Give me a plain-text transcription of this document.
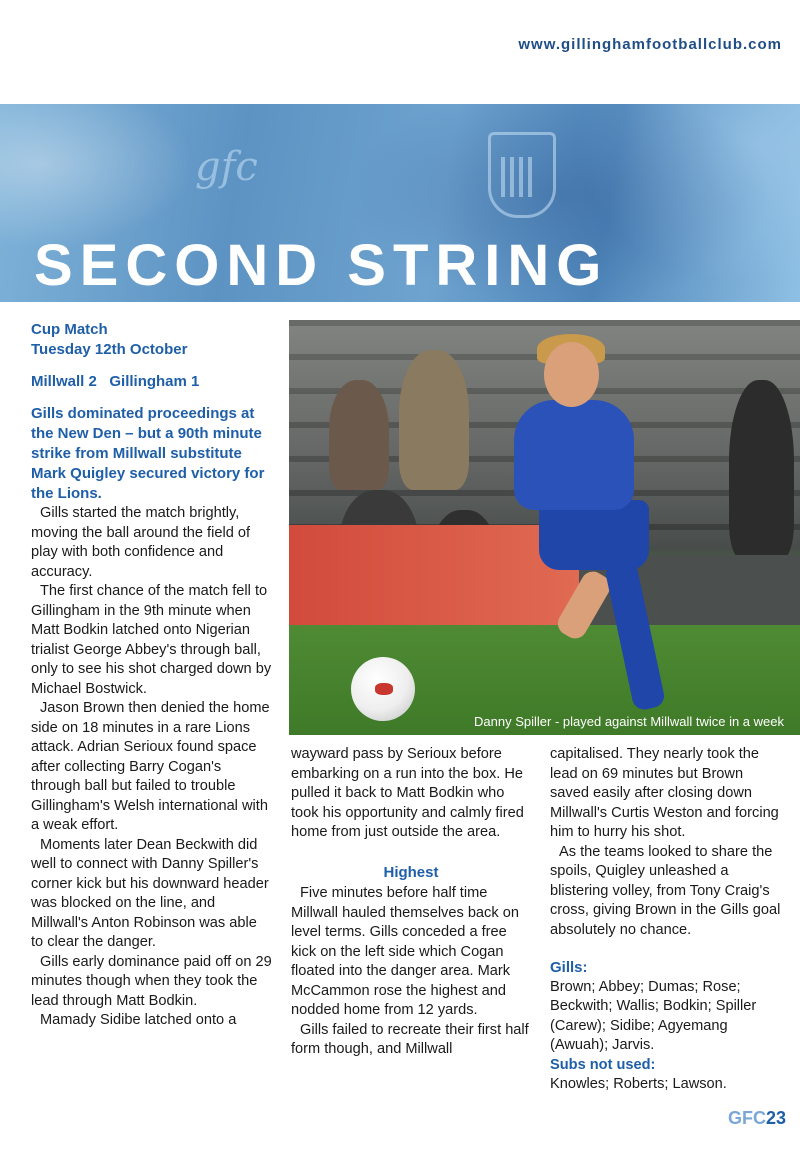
www.gillinghamfootballclub.com
gfc
SECOND STRING
Cup Match
Tuesday 12th October
Millwall 2   Gillingham 1

Gills dominated proceedings at the New Den – but a 90th minute strike from Millwall substitute Mark Quigley secured victory for the Lions.

Gills started the match brightly, moving the ball around the field of play with both confidence and accuracy.

The first chance of the match fell to Gillingham in the 9th minute when Matt Bodkin latched onto Nigerian trialist George Abbey's through ball, only to see his shot charged down by Michael Bostwick.

Jason Brown then denied the home side on 18 minutes in a rare Lions attack. Adrian Serioux found space after collecting Barry Cogan's through ball but failed to trouble Gillingham's Welsh international with a weak effort.

Moments later Dean Beckwith did well to connect with Danny Spiller's corner kick but his downward header was blocked on the line, and Millwall's Anton Robinson was able to clear the danger.

Gills early dominance paid off on 29 minutes though when they took the lead through Matt Bodkin.

Mamady Sidibe latched onto a

Danny Spiller - played against Millwall twice in a week

wayward pass by Serioux before embarking on a run into the box. He pulled it back to Matt Bodkin who took his opportunity and calmly fired home from just outside the area.

Highest

Five minutes before half time Millwall hauled themselves back on level terms. Gills conceded a free kick on the left side which Cogan floated into the danger area. Mark McCammon rose the highest and nodded home from 12 yards.

Gills failed to recreate their first half form though, and Millwall

capitalised. They nearly took the lead on 69 minutes but Brown saved easily after closing down Millwall's Curtis Weston and forcing him to hurry his shot.

As the teams looked to share the spoils, Quigley unleashed a blistering volley, from Tony Craig's cross, giving Brown in the Gills goal absolutely no chance.

Gills:

Brown; Abbey; Dumas; Rose; Beckwith; Wallis; Bodkin; Spiller (Carew); Sidibe; Agyemang (Awuah); Jarvis.

Subs not used:

Knowles; Roberts; Lawson.

GFC23
